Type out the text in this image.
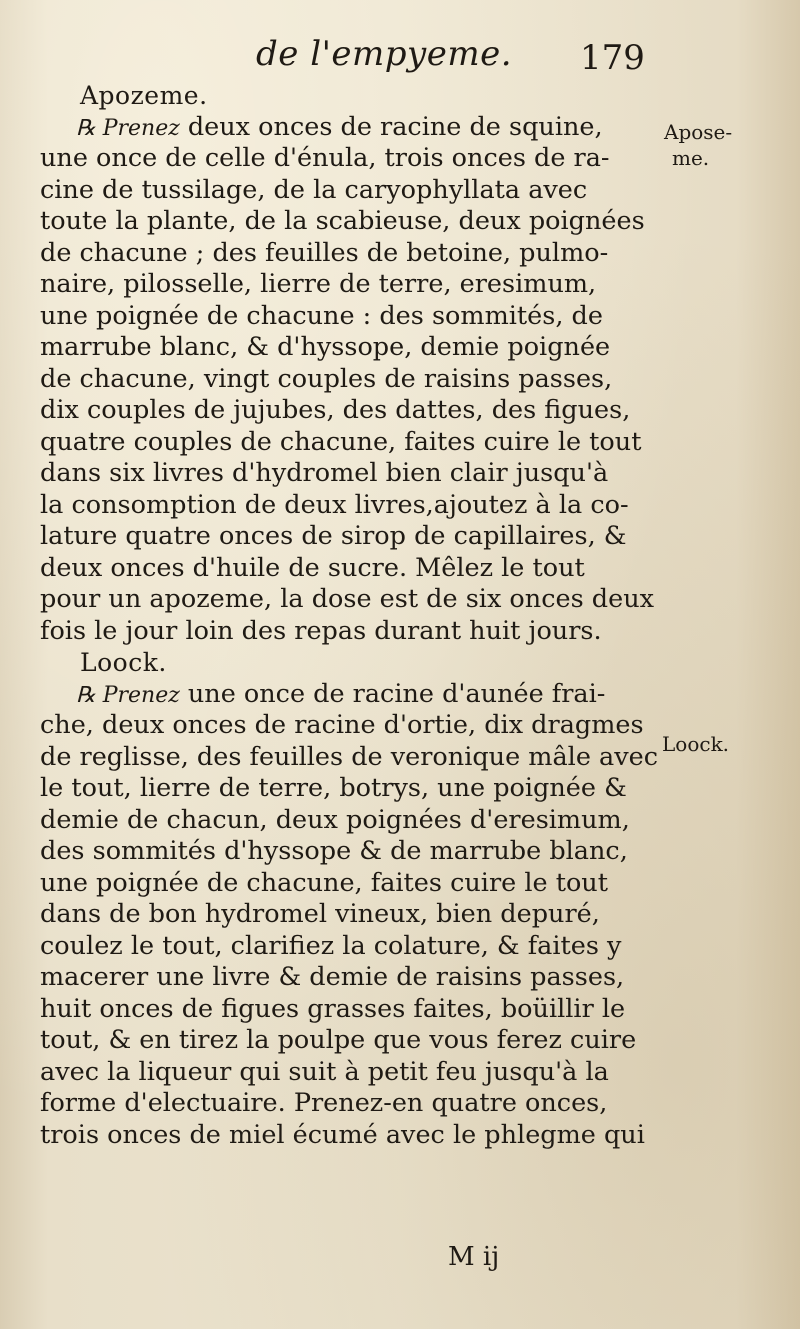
de l'empyeme. 179
Apose-
me.
Loock.
Apozeme.
℞ Prenez deux onces de racine de squine,
une once de celle d'énula, trois onces de ra-
cine de tussilage, de la caryophyllata avec
toute la plante, de la scabieuse, deux poignées
de chacune ; des feuilles de betoine, pulmo-
naire, pilosselle, lierre de terre, eresimum,
une poignée de chacune : des sommités, de
marrube blanc, & d'hyssope, demie poignée
de chacune, vingt couples de raisins passes,
dix couples de jujubes, des dattes, des figues,
quatre couples de chacune, faites cuire le tout
dans six livres d'hydromel bien clair jusqu'à
la consomption de deux livres,ajoutez à la co-
lature quatre onces de sirop de capillaires, &
deux onces d'huile de sucre. Mêlez le tout
pour un apozeme, la dose est de six onces deux
fois le jour loin des repas durant huit jours.
Loock.
℞ Prenez une once de racine d'aunée frai-
che, deux onces de racine d'ortie, dix dragmes
de reglisse, des feuilles de veronique mâle avec
le tout, lierre de terre, botrys, une poignée &
demie de chacun, deux poignées d'eresimum,
des sommités d'hyssope & de marrube blanc,
une poignée de chacune, faites cuire le tout
dans de bon hydromel vineux, bien depuré,
coulez le tout, clarifiez la colature, & faites y
macerer une livre & demie de raisins passes,
huit onces de figues grasses faites, boüillir le
tout, & en tirez la poulpe que vous ferez cuire
avec la liqueur qui suit à petit feu jusqu'à la
forme d'electuaire. Prenez-en quatre onces,
trois onces de miel écumé avec le phlegme qui
M ij
